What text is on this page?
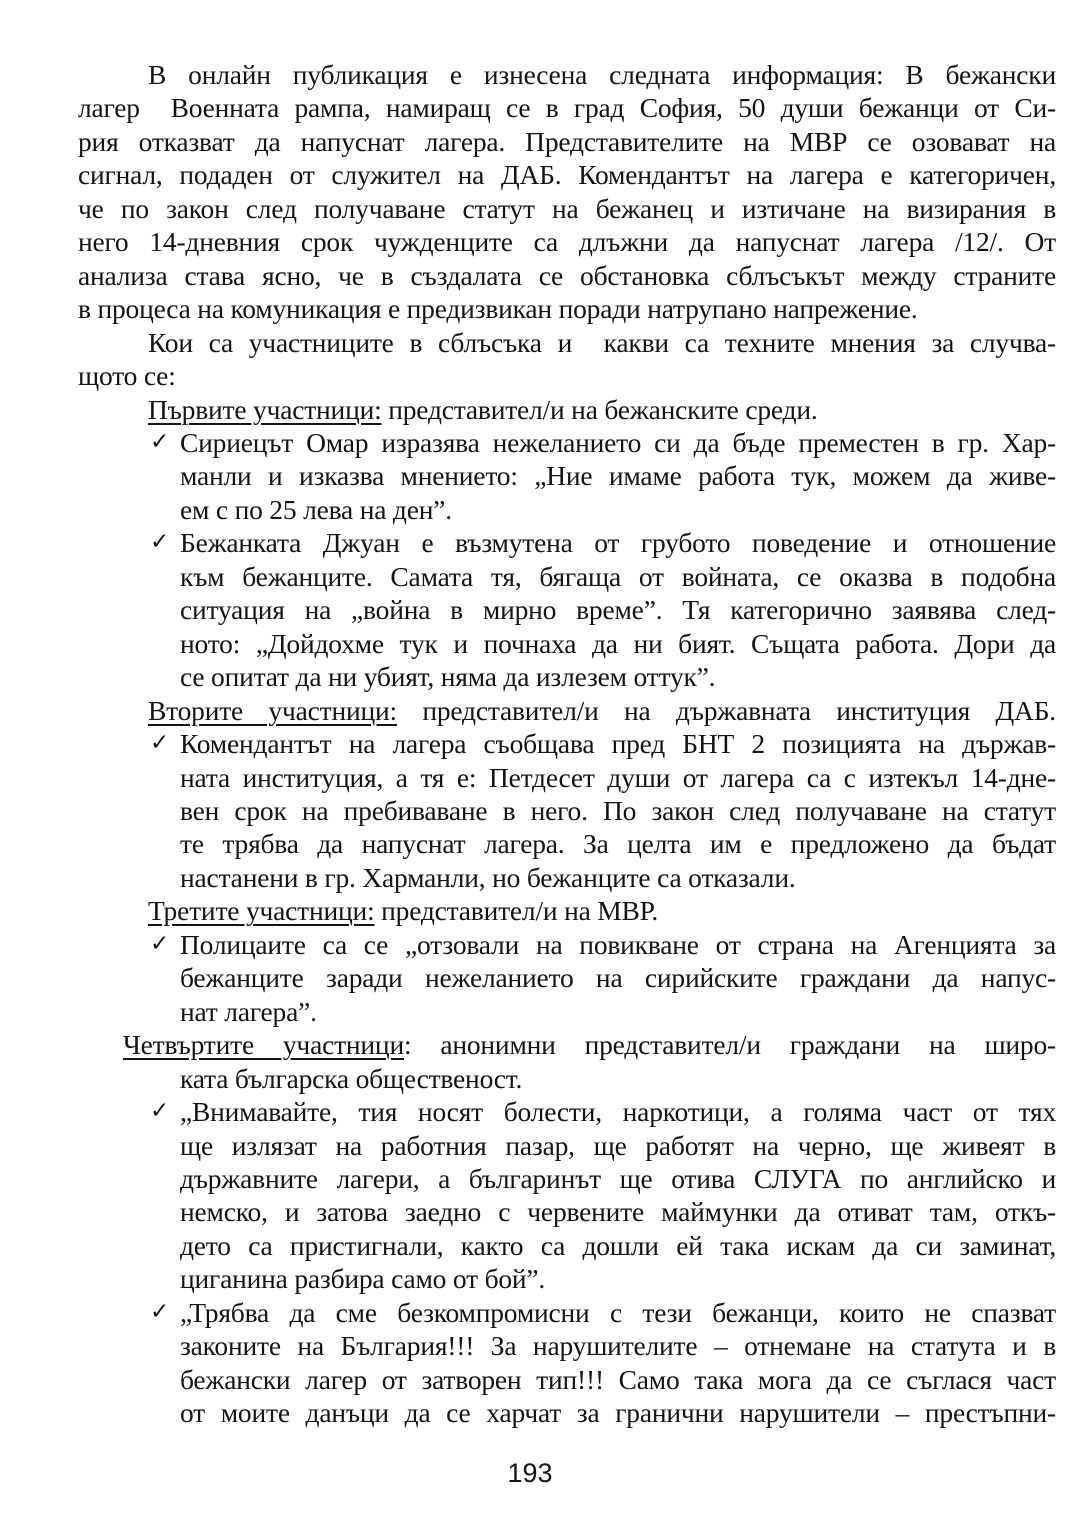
В онлайн публикация е изнесена следната информация: В бежански
лагер  Военната рампа, намиращ се в град София, 50 души бежанци от Си-
рия отказват да напуснат лагера. Представителите на МВР се озовават на
сигнал, подаден от служител на ДАБ. Комендантът на лагера е категоричен,
че по закон след получаване статут на бежанец и изтичане на визирания в
него 14-дневния срок чужденците са длъжни да напуснат лагера /12/. От
анализа става ясно, че в създалата се обстановка сблъсъкът между страните
в процеса на комуникация е предизвикан поради натрупано напрежение.
Кои са участниците в сблъсъка и  какви са техните мнения за случва-
щото се:
Първите участници: представител/и на бежанските среди.
✓ Сириецът Омар изразява нежеланието си да бъде преместен в гр. Хар-
манли и изказва мнението: „Ние имаме работа тук, можем да живе-
ем с по 25 лева на ден”.
✓ Бежанката Джуан е възмутена от грубото поведение и отношение
към бежанците. Самата тя, бягаща от войната, се оказва в подобна
ситуация на „война в мирно време”. Тя категорично заявява след-
ното: „Дойдохме тук и почнаха да ни бият. Същата работа. Дори да
се опитат да ни убият, няма да излезем оттук”.
Вторите участници: представител/и на държавната институция ДАБ.
✓ Комендантът на лагера съобщава пред БНТ 2 позицията на държав-
ната институция, а тя е: Петдесет души от лагера са с изтекъл 14-дне-
вен срок на пребиваване в него. По закон след получаване на статут
те трябва да напуснат лагера. За целта им е предложено да бъдат
настанени в гр. Харманли, но бежанците са отказали.
Третите участници: представител/и на МВР.
✓ Полицаите са се „отзовали на повикване от страна на Агенцията за
бежанците заради нежеланието на сирийските граждани да напус-
нат лагера”.
Четвъртите участници: анонимни представител/и граждани на широ-
ката българска общественост.
✓ „Внимавайте, тия носят болести, наркотици, а голяма част от тях
ще излязат на работния пазар, ще работят на черно, ще живеят в
държавните лагери, а българинът ще отива СЛУГА по английско и
немско, и затова заедно с червените маймунки да отиват там, откъ-
дето са пристигнали, както са дошли ей така искам да си заминат,
циганина разбира само от бой”.
✓ „Трябва да сме безкомпромисни с тези бежанци, които не спазват
законите на България!!! За нарушителите – отнемане на статута и в
бежански лагер от затворен тип!!! Само така мога да се съглася част
от моите данъци да се харчат за гранични нарушители – престъпни-
193
